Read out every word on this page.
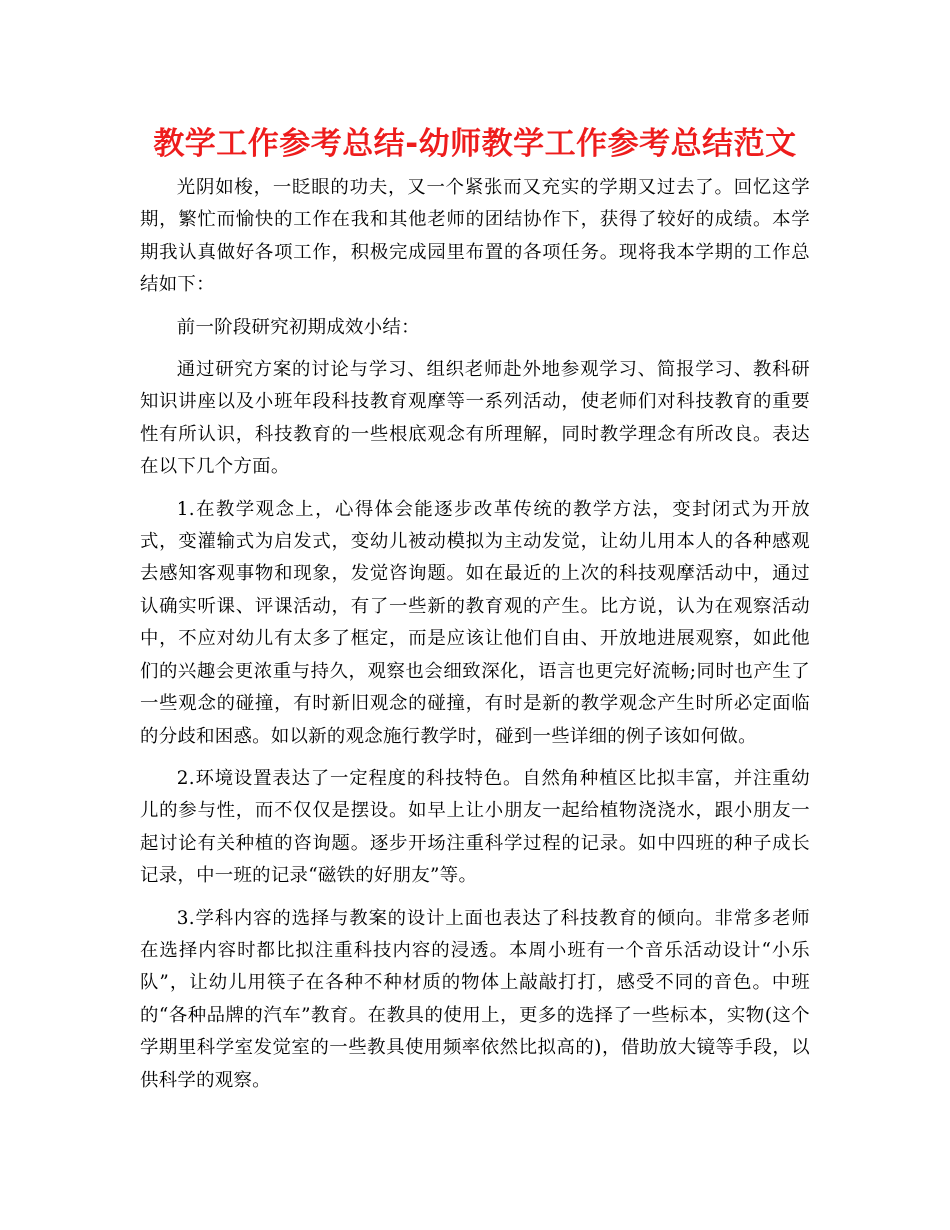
教学工作参考总结-幼师教学工作参考总结范文

光阴如梭，一眨眼的功夫，又一个紧张而又充实的学期又过去了。回忆这学期，繁忙而愉快的工作在我和其他老师的团结协作下，获得了较好的成绩。本学期我认真做好各项工作，积极完成园里布置的各项任务。现将我本学期的工作总结如下：

前一阶段研究初期成效小结：

通过研究方案的讨论与学习、组织老师赴外地参观学习、简报学习、教科研知识讲座以及小班年段科技教育观摩等一系列活动，使老师们对科技教育的重要性有所认识，科技教育的一些根底观念有所理解，同时教学理念有所改良。表达在以下几个方面。

1.在教学观念上，心得体会能逐步改革传统的教学方法，变封闭式为开放式，变灌输式为启发式，变幼儿被动模拟为主动发觉，让幼儿用本人的各种感观去感知客观事物和现象，发觉咨询题。如在最近的上次的科技观摩活动中，通过认确实听课、评课活动，有了一些新的教育观的产生。比方说，认为在观察活动中，不应对幼儿有太多了框定，而是应该让他们自由、开放地进展观察，如此他们的兴趣会更浓重与持久，观察也会细致深化，语言也更完好流畅;同时也产生了一些观念的碰撞，有时新旧观念的碰撞，有时是新的教学观念产生时所必定面临的分歧和困惑。如以新的观念施行教学时，碰到一些详细的例子该如何做。

2.环境设置表达了一定程度的科技特色。自然角种植区比拟丰富，并注重幼儿的参与性，而不仅仅是摆设。如早上让小朋友一起给植物浇浇水，跟小朋友一起讨论有关种植的咨询题。逐步开场注重科学过程的记录。如中四班的种子成长记录，中一班的记录“磁铁的好朋友”等。

3.学科内容的选择与教案的设计上面也表达了科技教育的倾向。非常多老师在选择内容时都比拟注重科技内容的浸透。本周小班有一个音乐活动设计“小乐队”，让幼儿用筷子在各种不种材质的物体上敲敲打打，感受不同的音色。中班的“各种品牌的汽车”教育。在教具的使用上，更多的选择了一些标本，实物(这个学期里科学室发觉室的一些教具使用频率依然比拟高的)，借助放大镜等手段，以供科学的观察。
